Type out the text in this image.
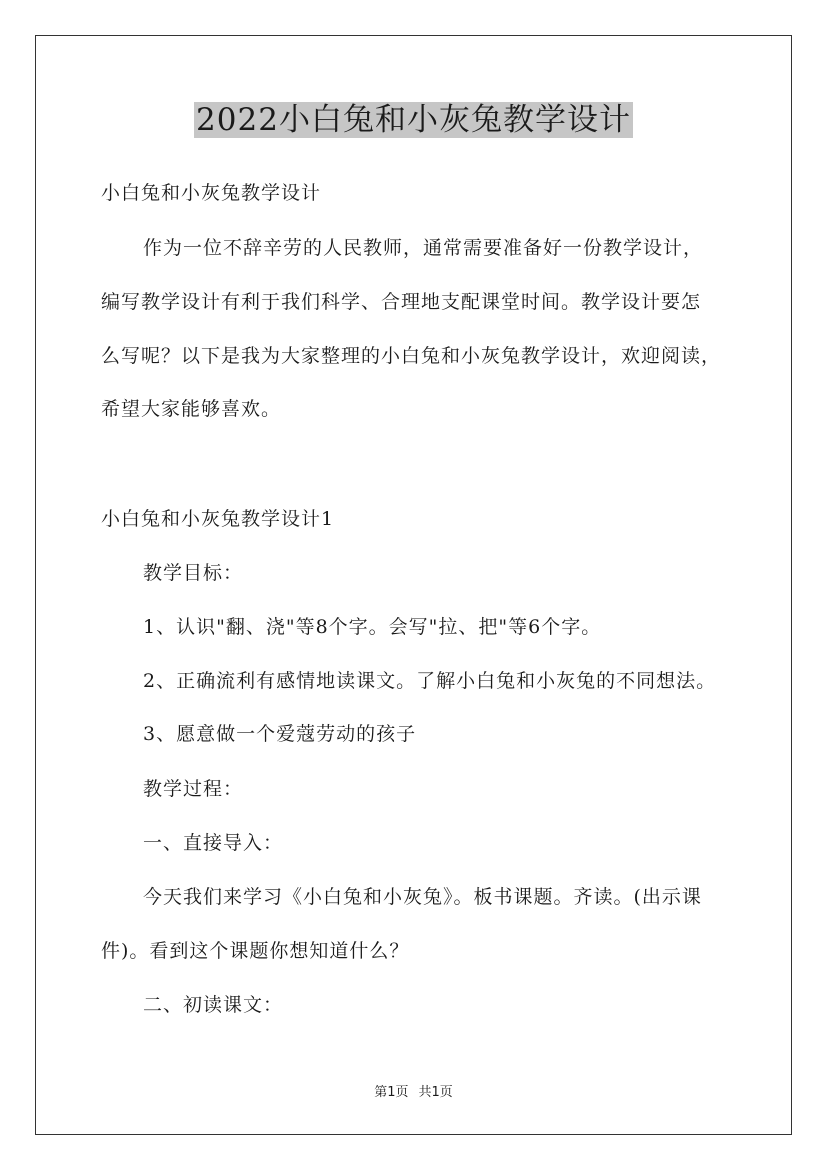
2022小白兔和小灰兔教学设计
小白兔和小灰兔教学设计
作为一位不辞辛劳的人民教师，通常需要准备好一份教学设计，
编写教学设计有利于我们科学、合理地支配课堂时间。教学设计要怎
么写呢？以下是我为大家整理的小白兔和小灰兔教学设计，欢迎阅读，
希望大家能够喜欢。
小白兔和小灰兔教学设计1
教学目标：
1、认识"翻、浇"等8个字。会写"拉、把"等6个字。
2、正确流利有感情地读课文。了解小白兔和小灰兔的不同想法。
3、愿意做一个爱蔻劳动的孩子
教学过程：
一、直接导入：
今天我们来学习《小白兔和小灰兔》。板书课题。齐读。(出示课
件)。看到这个课题你想知道什么？
二、初读课文：
第1页 共1页
